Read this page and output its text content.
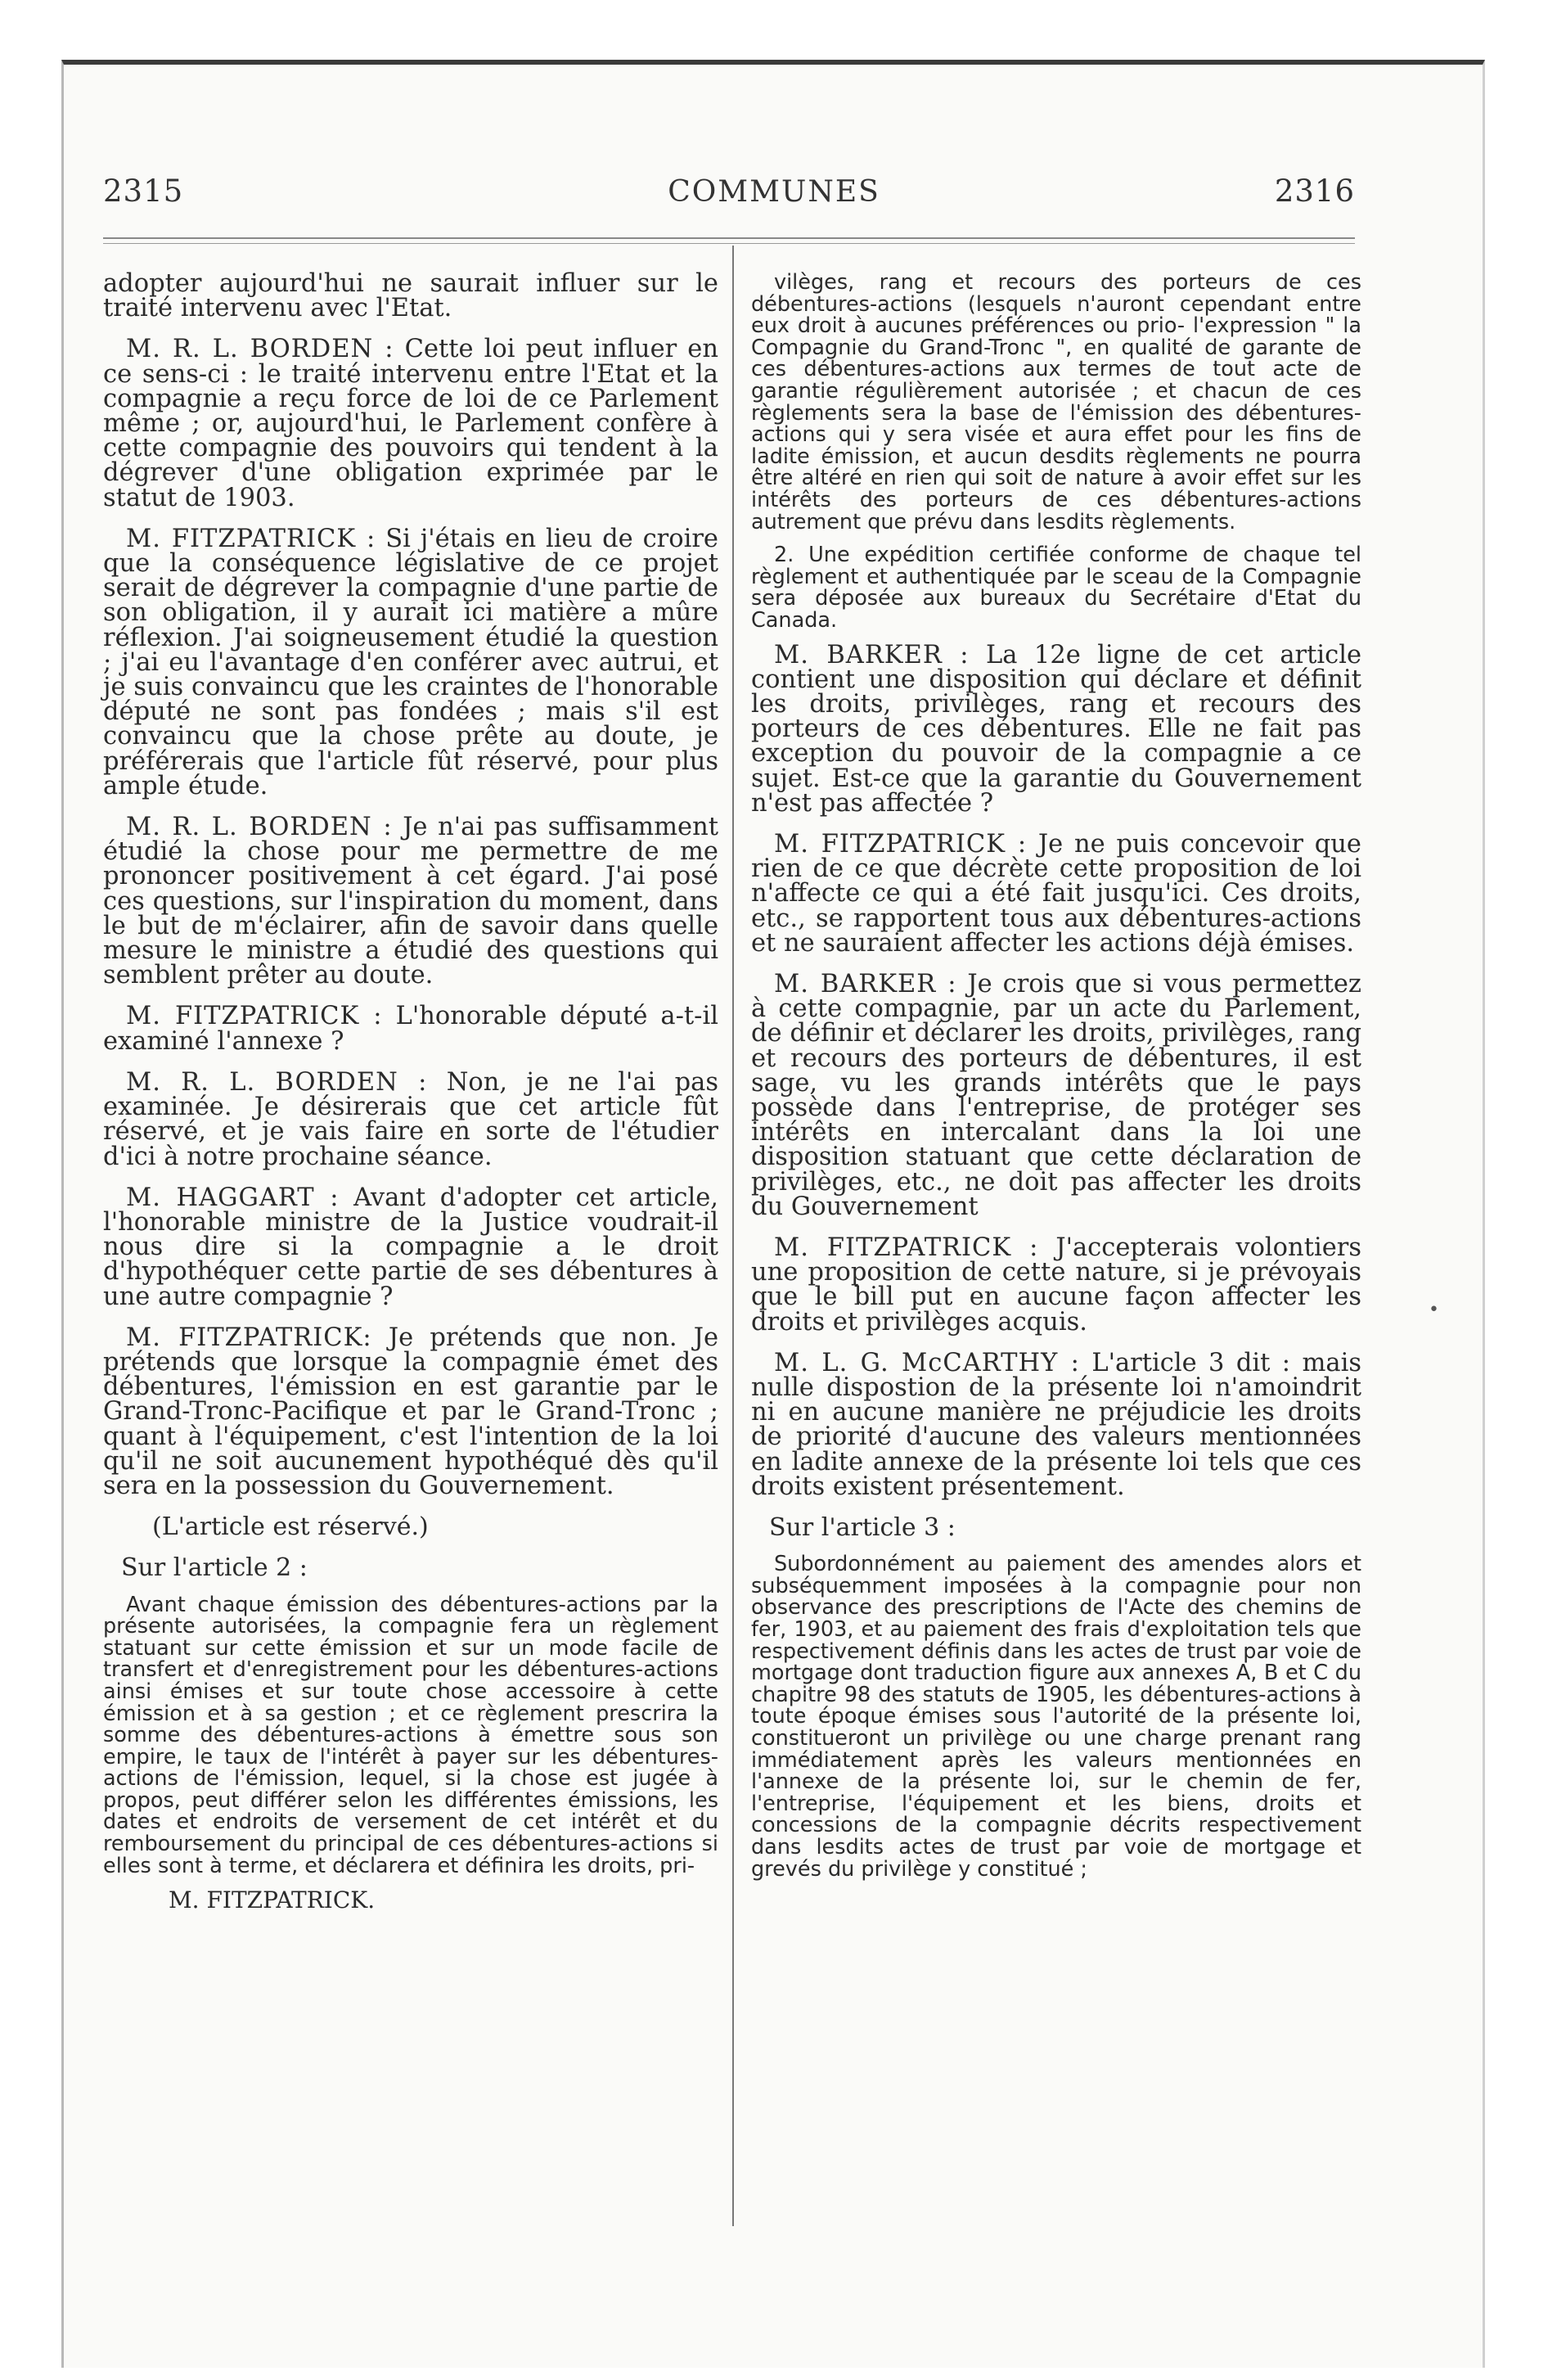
2315	COMMUNES	2316

adopter aujourd'hui ne saurait influer sur le traité intervenu avec l'Etat.

M. R. L. BORDEN : Cette loi peut influer en ce sens-ci : le traité intervenu entre l'Etat et la compagnie a reçu force de loi de ce Parlement même ; or, aujourd'hui, le Parlement confère à cette compagnie des pouvoirs qui tendent à la dégrever d'une obligation exprimée par le statut de 1903.

M. FITZPATRICK : Si j'étais en lieu de croire que la conséquence législative de ce projet serait de dégrever la compagnie d'une partie de son obligation, il y aurait ici matière a mûre réflexion. J'ai soigneusement étudié la question ; j'ai eu l'avantage d'en conférer avec autrui, et je suis convaincu que les craintes de l'honorable député ne sont pas fondées ; mais s'il est convaincu que la chose prête au doute, je préférerais que l'article fût réservé, pour plus ample étude.

M. R. L. BORDEN : Je n'ai pas suffisamment étudié la chose pour me permettre de me prononcer positivement à cet égard. J'ai posé ces questions, sur l'inspiration du moment, dans le but de m'éclairer, afin de savoir dans quelle mesure le ministre a étudié des questions qui semblent prêter au doute.

M. FITZPATRICK : L'honorable député a-t-il examiné l'annexe ?

M. R. L. BORDEN : Non, je ne l'ai pas examinée. Je désirerais que cet article fût réservé, et je vais faire en sorte de l'étudier d'ici à notre prochaine séance.

M. HAGGART : Avant d'adopter cet article, l'honorable ministre de la Justice voudrait-il nous dire si la compagnie a le droit d'hypothéquer cette partie de ses débentures à une autre compagnie ?

M. FITZPATRICK: Je prétends que non. Je prétends que lorsque la compagnie émet des débentures, l'émission en est garantie par le Grand-Tronc-Pacifique et par le Grand-Tronc ; quant à l'équipement, c'est l'intention de la loi qu'il ne soit aucunement hypothéqué dès qu'il sera en la possession du Gouvernement.

(L'article est réservé.)

Sur l'article 2 :

Avant chaque émission des débentures-actions par la présente autorisées, la compagnie fera un règlement statuant sur cette émission et sur un mode facile de transfert et d'enregistrement pour les débentures-actions ainsi émises et sur toute chose accessoire à cette émission et à sa gestion ; et ce règlement prescrira la somme des débentures-actions à émettre sous son empire, le taux de l'intérêt à payer sur les débentures-actions de l'émission, lequel, si la chose est jugée à propos, peut différer selon les différentes émissions, les dates et endroits de versement de cet intérêt et du remboursement du principal de ces débentures-actions si elles sont à terme, et déclarera et définira les droits, pri-

M. FITZPATRICK.

vilèges, rang et recours des porteurs de ces débentures-actions (lesquels n'auront cependant entre eux droit à aucunes préférences ou prio- l'expression " la Compagnie du Grand-Tronc ", en qualité de garante de ces débentures-actions aux termes de tout acte de garantie régulièrement autorisée ; et chacun de ces règlements sera la base de l'émission des débentures-actions qui y sera visée et aura effet pour les fins de ladite émission, et aucun desdits règlements ne pourra être altéré en rien qui soit de nature à avoir effet sur les intérêts des porteurs de ces débentures-actions autrement que prévu dans lesdits règlements.

2. Une expédition certifiée conforme de chaque tel règlement et authentiquée par le sceau de la Compagnie sera déposée aux bureaux du Secrétaire d'Etat du Canada.

M. BARKER : La 12e ligne de cet article contient une disposition qui déclare et définit les droits, privilèges, rang et recours des porteurs de ces débentures. Elle ne fait pas exception du pouvoir de la compagnie a ce sujet. Est-ce que la garantie du Gouvernement n'est pas affectée ?

M. FITZPATRICK : Je ne puis concevoir que rien de ce que décrète cette proposition de loi n'affecte ce qui a été fait jusqu'ici. Ces droits, etc., se rapportent tous aux débentures-actions et ne sauraient affecter les actions déjà émises.

M. BARKER : Je crois que si vous permettez à cette compagnie, par un acte du Parlement, de définir et déclarer les droits, privilèges, rang et recours des porteurs de débentures, il est sage, vu les grands intérêts que le pays possède dans l'entreprise, de protéger ses intérêts en intercalant dans la loi une disposition statuant que cette déclaration de privilèges, etc., ne doit pas affecter les droits du Gouvernement

M. FITZPATRICK : J'accepterais volontiers une proposition de cette nature, si je prévoyais que le bill put en aucune façon affecter les droits et privilèges acquis.

M. L. G. McCARTHY : L'article 3 dit : mais nulle dispostion de la présente loi n'amoindrit ni en aucune manière ne préjudicie les droits de priorité d'aucune des valeurs mentionnées en ladite annexe de la présente loi tels que ces droits existent présentement.

Sur l'article 3 :

Subordonnément au paiement des amendes alors et subséquemment imposées à la compagnie pour non observance des prescriptions de l'Acte des chemins de fer, 1903, et au paiement des frais d'exploitation tels que respectivement définis dans les actes de trust par voie de mortgage dont traduction figure aux annexes A, B et C du chapitre 98 des statuts de 1905, les débentures-actions à toute époque émises sous l'autorité de la présente loi, constitueront un privilège ou une charge prenant rang immédiatement après les valeurs mentionnées en l'annexe de la présente loi, sur le chemin de fer, l'entreprise, l'équipement et les biens, droits et concessions de la compagnie décrits respectivement dans lesdits actes de trust par voie de mortgage et grevés du privilège y constitué ;

•
